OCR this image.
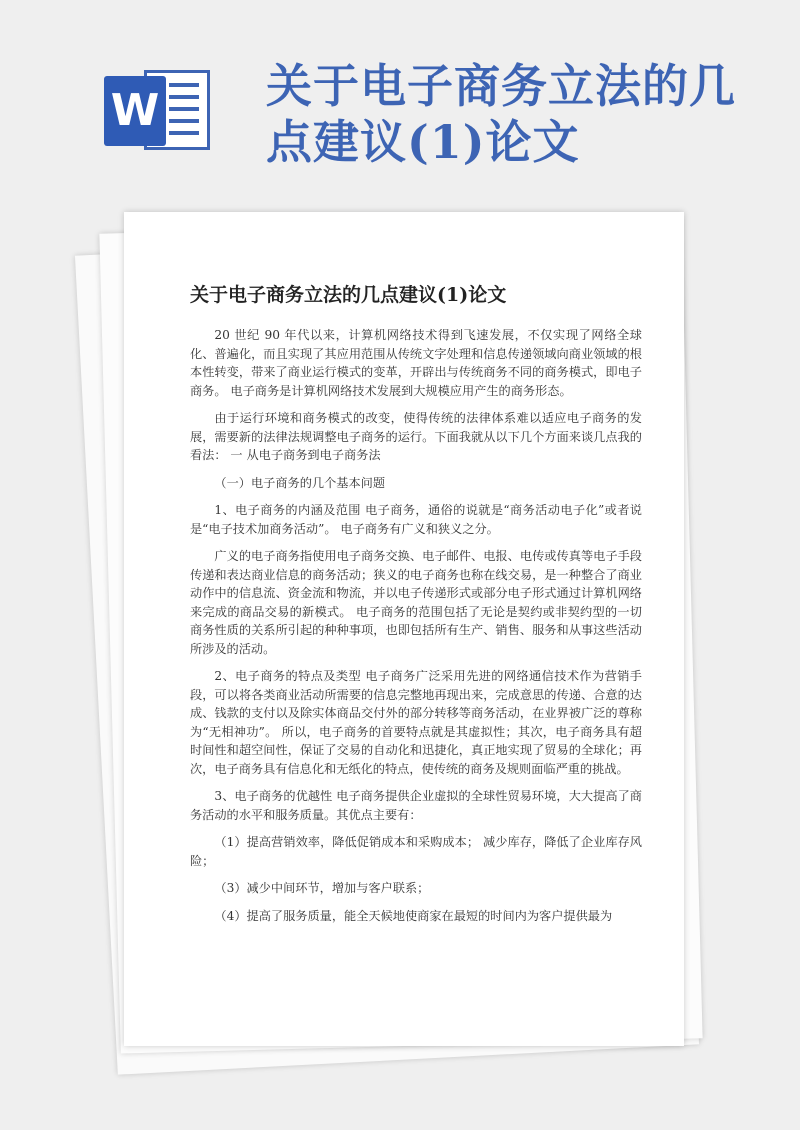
W 关于电子商务立法的几点建议(1)论文
关于电子商务立法的几点建议(1)论文

20 世纪 90 年代以来，计算机网络技术得到飞速发展，不仅实现了网络全球化、普遍化，而且实现了其应用范围从传统文字处理和信息传递领域向商业领域的根本性转变，带来了商业运行模式的变革，开辟出与传统商务不同的商务模式，即电子商务。 电子商务是计算机网络技术发展到大规模应用产生的商务形态。

由于运行环境和商务模式的改变，使得传统的法律体系难以适应电子商务的发展，需要新的法律法规调整电子商务的运行。下面我就从以下几个方面来谈几点我的看法： 一 从电子商务到电子商务法

（一）电子商务的几个基本问题

1、电子商务的内涵及范围 电子商务，通俗的说就是“商务活动电子化”或者说是“电子技术加商务活动”。 电子商务有广义和狭义之分。

广义的电子商务指使用电子商务交换、电子邮件、电报、电传或传真等电子手段传递和表达商业信息的商务活动；狭义的电子商务也称在线交易，是一种整合了商业动作中的信息流、资金流和物流，并以电子传递形式或部分电子形式通过计算机网络来完成的商品交易的新模式。 电子商务的范围包括了无论是契约或非契约型的一切商务性质的关系所引起的种种事项，也即包括所有生产、销售、服务和从事这些活动所涉及的活动。

2、电子商务的特点及类型 电子商务广泛采用先进的网络通信技术作为营销手段，可以将各类商业活动所需要的信息完整地再现出来，完成意思的传递、合意的达成、钱款的支付以及除实体商品交付外的部分转移等商务活动，在业界被广泛的尊称为“无相神功”。 所以，电子商务的首要特点就是其虚拟性；其次，电子商务具有超时间性和超空间性，保证了交易的自动化和迅捷化，真正地实现了贸易的全球化；再次，电子商务具有信息化和无纸化的特点，使传统的商务及规则面临严重的挑战。

3、电子商务的优越性 电子商务提供企业虚拟的全球性贸易环境，大大提高了商务活动的水平和服务质量。其优点主要有：

（1）提高营销效率，降低促销成本和采购成本； 减少库存，降低了企业库存风险；

（3）减少中间环节，增加与客户联系；

（4）提高了服务质量，能全天候地使商家在最短的时间内为客户提供最为
